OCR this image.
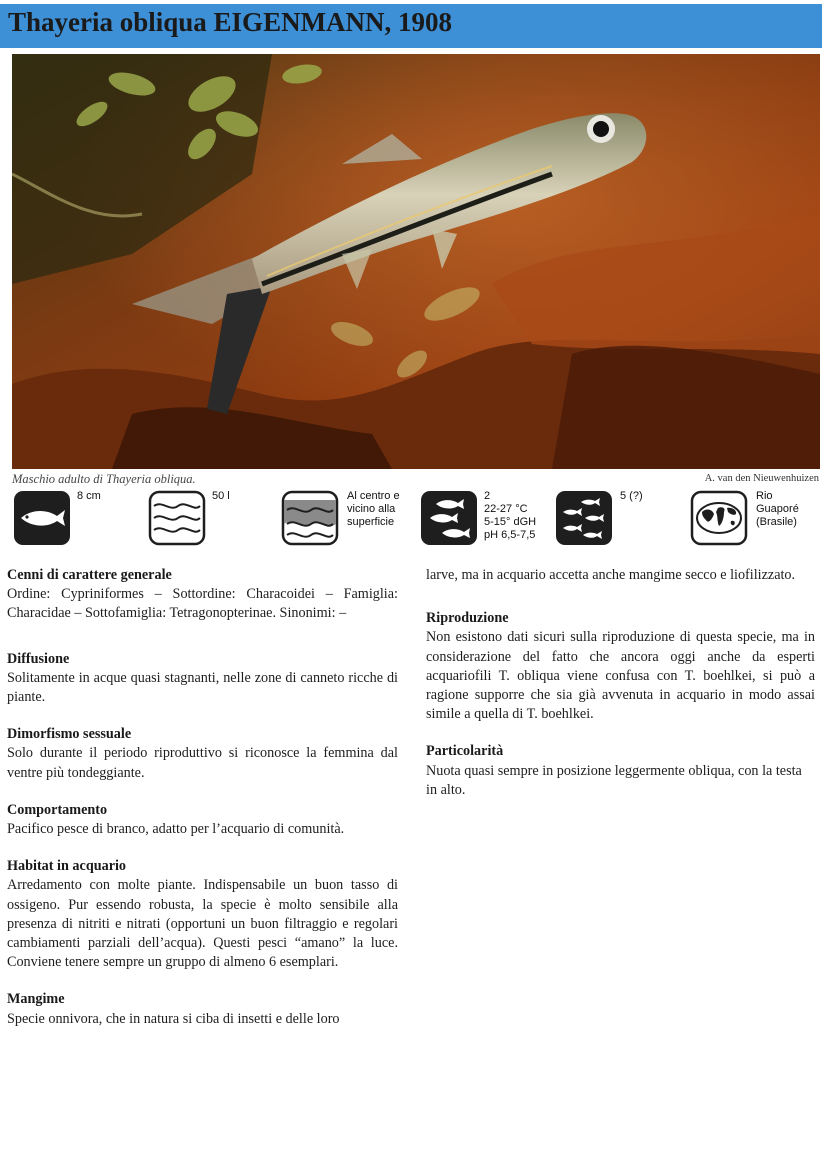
Thayeria obliqua EIGENMANN, 1908
Maschio adulto di Thayeria obliqua.	A. van den Nieuwenhuizen
8 cm	50 l	Al centro e
vicino alla
superficie
2
22-27 °C
5-15° dGH
pH 6,5-7,5
5 (?)	Rio
Guaporé
(Brasile)
Cenni di carattere generale

Ordine: Cypriniformes – Sottordine: Characoidei – Famiglia: Characidae – Sottofamiglia: Tetragonopterinae. Sinonimi: –

Diffusione

Solitamente in acque quasi stagnanti, nelle zone di canneto ricche di piante.

Dimorfismo sessuale

Solo durante il periodo riproduttivo si riconosce la femmina dal ventre più tondeggiante.

Comportamento

Pacifico pesce di branco, adatto per l’acquario di comunità.

Habitat in acquario

Arredamento con molte piante. Indispensabile un buon tasso di ossigeno. Pur essendo robusta, la specie è molto sensibile alla presenza di nitriti e nitrati (opportuni un buon filtraggio e regolari cambiamenti parziali dell’acqua). Questi pesci “amano” la luce. Conviene tenere sempre un gruppo di almeno 6 esemplari.

Mangime

Specie onnivora, che in natura si ciba di insetti e delle loro

larve, ma in acquario accetta anche mangime secco e liofilizzato.

Riproduzione

Non esistono dati sicuri sulla riproduzione di questa specie, ma in considerazione del fatto che ancora oggi anche da esperti acquariofili T. obliqua viene confusa con T. boehlkei, si può a ragione supporre che sia già avvenuta in acquario in modo assai simile a quella di T. boehlkei.

Particolarità

Nuota quasi sempre in posizione leggermente obliqua, con la testa in alto.
